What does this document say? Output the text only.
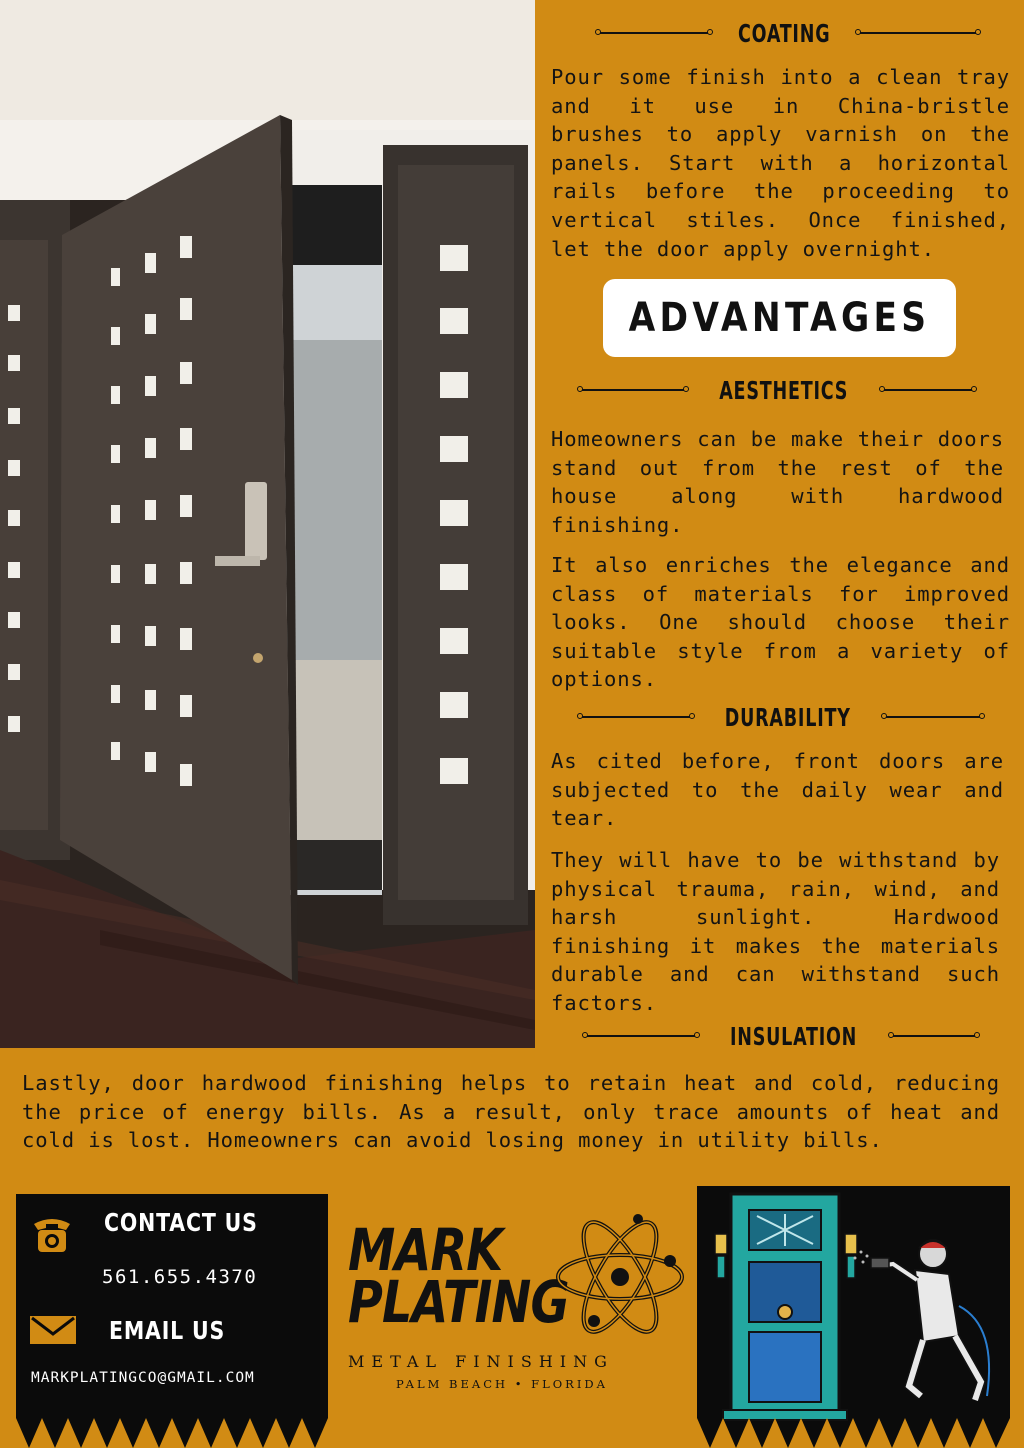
COATING

Pour some finish into a clean tray and it use in China-bristle brushes to apply varnish on the panels. Start with a horizontal rails before the proceeding to vertical stiles. Once finished, let the door apply overnight.

ADVANTAGES
AESTHETICS

Homeowners can be make their doors stand out from the rest of the house along with hardwood finishing.

It also enriches the elegance and class of materials for improved looks. One should choose their suitable style from a variety of options.

DURABILITY

As cited before, front doors are subjected to the daily wear and tear.

They will have to be withstand by physical trauma, rain, wind, and harsh sunlight. Hardwood finishing it makes the materials durable and can withstand such factors.

INSULATION

Lastly, door hardwood finishing helps to retain heat and cold, reducing the price of energy bills. As a result, only trace amounts of heat and cold is lost. Homeowners can avoid losing money in utility bills.

CONTACT US
561.655.4370
EMAIL US
MARKPLATINGCO@GMAIL.COM
MARK
PLATING
METAL FINISHING
PALM BEACH • FLORIDA
